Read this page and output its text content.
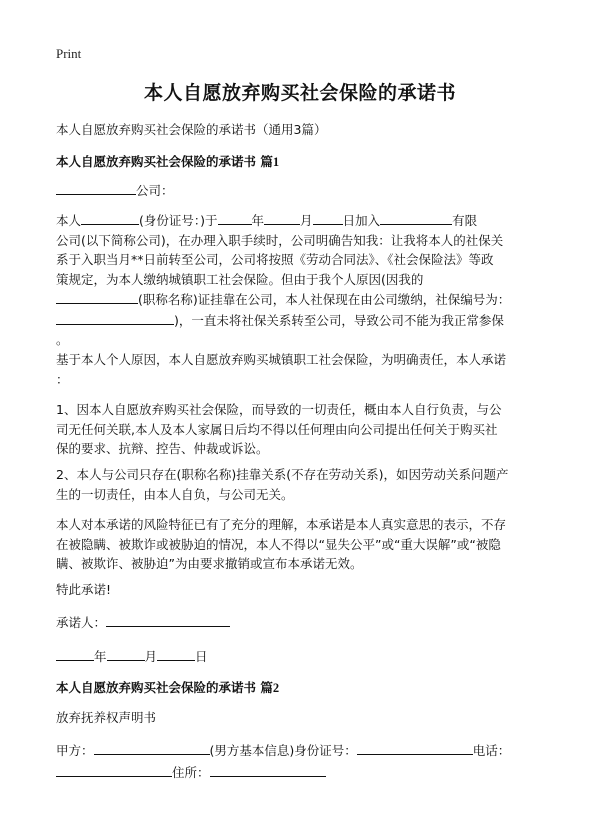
Print
本人自愿放弃购买社会保险的承诺书
本人自愿放弃购买社会保险的承诺书（通用3篇）
本人自愿放弃购买社会保险的承诺书 篇1
公司：
本人	(身份证号：)于	年	月 日加入	有限
公司(以下简称公司)，在办理入职手续时，公司明确告知我：让我将本人的社保关
系于入职当月**日前转至公司，公司将按照《劳动合同法》、《社会保险法》等政
策规定，为本人缴纳城镇职工社会保险。但由于我个人原因(因我的
(职称名称)证挂靠在公司，本人社保现在由公司缴纳，社保编号为：
)，一直未将社保关系转至公司，导致公司不能为我正常参保
。
基于本人个人原因，本人自愿放弃购买城镇职工社会保险，为明确责任，本人承诺
：
1、因本人自愿放弃购买社会保险，而导致的一切责任，概由本人自行负责，与公
司无任何关联,本人及本人家属日后均不得以任何理由向公司提出任何关于购买社
保的要求、抗辩、控告、仲裁或诉讼。
2、本人与公司只存在(职称名称)挂靠关系(不存在劳动关系)，如因劳动关系问题产
生的一切责任，由本人自负，与公司无关。
本人对本承诺的风险特征已有了充分的理解，本承诺是本人真实意思的表示，不存
在被隐瞒、被欺诈或被胁迫的情况，本人不得以“显失公平”或“重大误解”或“被隐
瞒、被欺诈、被胁迫”为由要求撤销或宣布本承诺无效。
特此承诺!
承诺人：
年	月	日
本人自愿放弃购买社会保险的承诺书 篇2
放弃抚养权声明书
甲方：	(男方基本信息)身份证号：	电话：
住所：
